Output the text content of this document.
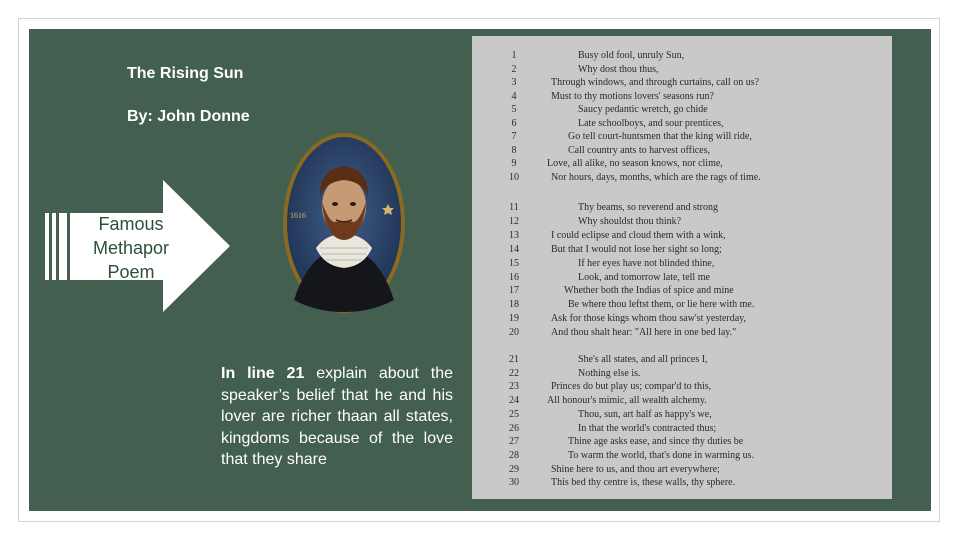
The Rising Sun
By: John Donne
Famous Methapor Poem
1616
In line 21 explain about the speaker’s belief that he and his lover are richer thaan all states, kingdoms because of the love that they share
1	Busy old fool, unruly Sun,
2	Why dost thou thus,
3	Through windows, and through curtains, call on us?
4	Must to thy motions lovers' seasons run?
5	Saucy pedantic wretch, go chide
6	Late schoolboys, and sour prentices,
7	Go tell court-huntsmen that the king will ride,
8	Call country ants to harvest offices,
9	Love, all alike, no season knows, nor clime,
10	Nor hours, days, months, which are the rags of time.
11	Thy beams, so reverend and strong
12	Why shouldst thou think?
13	I could eclipse and cloud them with a wink,
14	But that I would not lose her sight so long;
15	If her eyes have not blinded thine,
16	Look, and tomorrow late, tell me
17	Whether both the Indias of spice and mine
18	Be where thou leftst them, or lie here with me.
19	Ask for those kings whom thou saw'st yesterday,
20	And thou shalt hear: "All here in one bed lay."
21	She's all states, and all princes I,
22	Nothing else is.
23	Princes do but play us; compar'd to this,
24	All honour's mimic, all wealth alchemy.
25	Thou, sun, art half as happy's we,
26	In that the world's contracted thus;
27	Thine age asks ease, and since thy duties be
28	To warm the world, that's done in warming us.
29	Shine here to us, and thou art everywhere;
30	This bed thy centre is, these walls, thy sphere.
